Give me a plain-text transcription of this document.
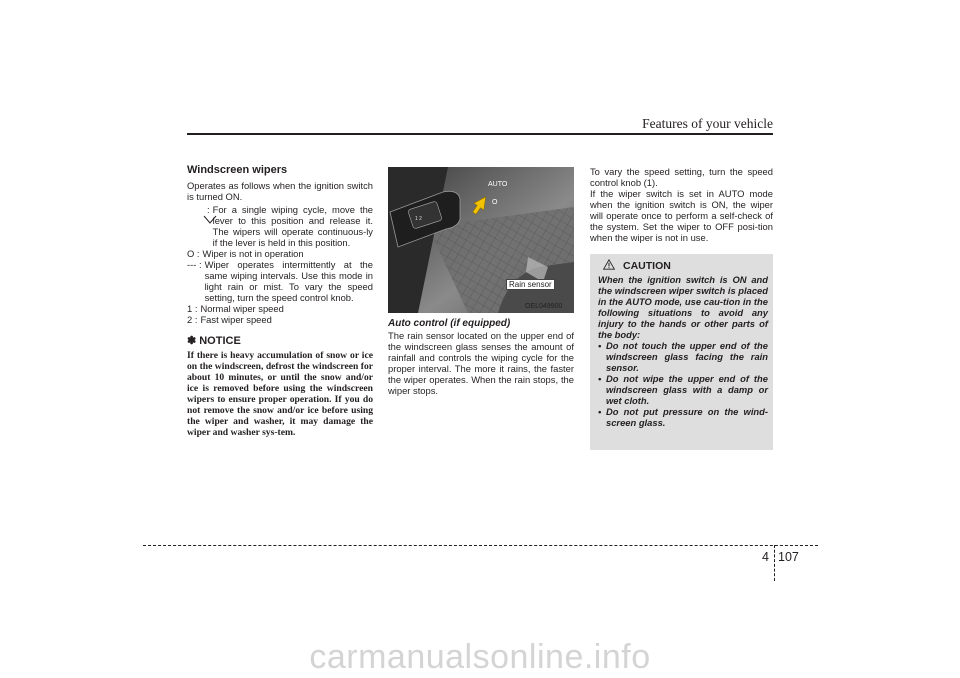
Features of your vehicle
Windscreen wipers

Operates as follows when the ignition switch is turned ON.

: For a single wiping cycle, move the lever to this position and release it. The wipers will operate continuous-ly if the lever is held in this position.
O : Wiper is not in operation
--- : Wiper operates intermittently at the same wiping intervals. Use this mode in light rain or mist. To vary the speed setting, turn the speed control knob.
1 : Normal wiper speed
2 : Fast wiper speed
✽ NOTICE

If there is heavy accumulation of snow or ice on the windscreen, defrost the windscreen for about 10 minutes, or until the snow and/or ice is removed before using the windscreen wipers to ensure proper operation. If you do not remove the snow and/or ice before using the wiper and washer, it may damage the wiper and washer sys-tem.

1 2
AUTO
O
Rain sensor
OEL049900
Auto control (if equipped)

The rain sensor located on the upper end of the windscreen glass senses the amount of rainfall and controls the wiping cycle for the proper interval. The more it rains, the faster the wiper operates. When the rain stops, the wiper stops.

To vary the speed setting, turn the speed control knob (1).

If the wiper switch is set in AUTO mode when the ignition switch is ON, the wiper will operate once to perform a self-check of the system. Set the wiper to OFF posi-tion when the wiper is not in use.

CAUTION

When the ignition switch is ON and the windscreen wiper switch is placed in the AUTO mode, use cau-tion in the following situations to avoid any injury to the hands or other parts of the body:

• Do not touch the upper end of the windscreen glass facing the rain sensor.
• Do not wipe the upper end of the windscreen glass with a damp or wet cloth.
• Do not put pressure on the wind-screen glass.
4 107
carmanualsonline.info
